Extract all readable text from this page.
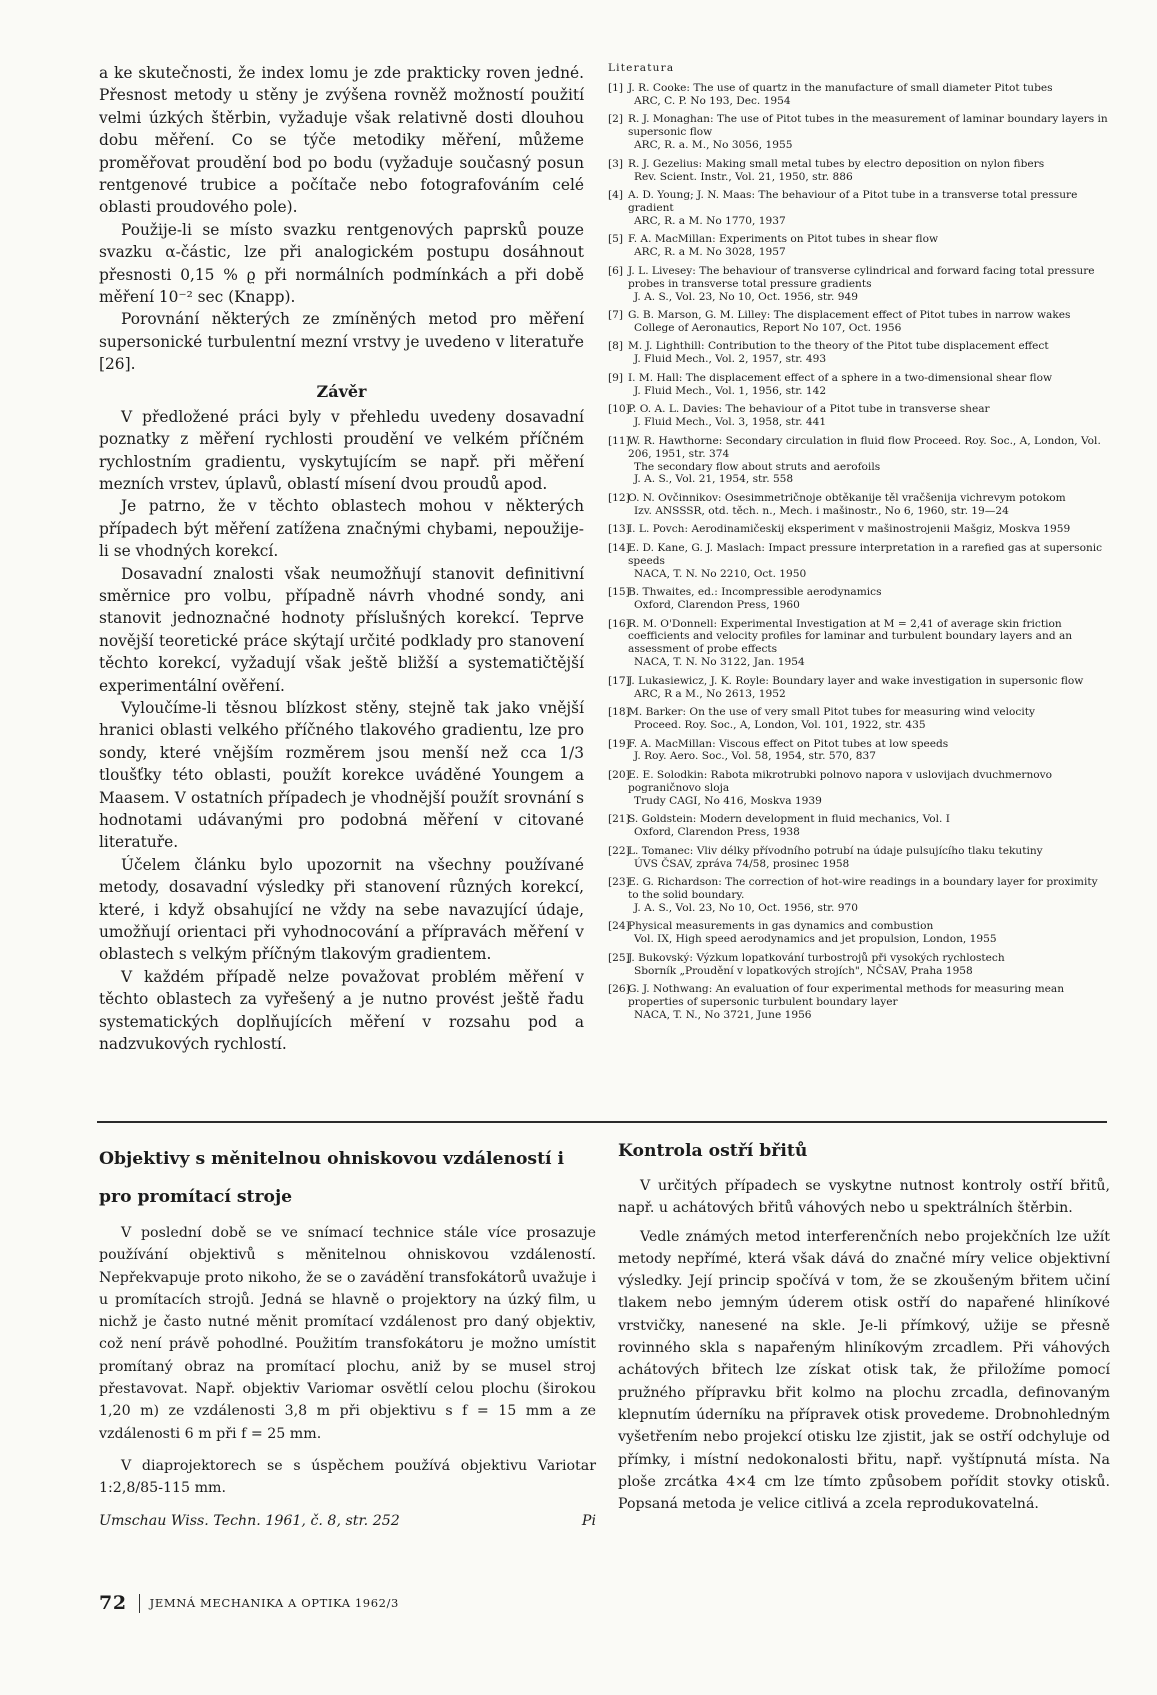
a ke skutečnosti, že index lomu je zde prakticky roven jedné. Přesnost metody u stěny je zvýšena rovněž možností použití velmi úzkých štěrbin, vyžaduje však relativně dosti dlouhou dobu měření. Co se týče metodiky měření, můžeme proměřovat proudění bod po bodu (vyžaduje současný posun rentgenové trubice a počítače nebo fotografováním celé oblasti proudového pole).

Použije-li se místo svazku rentgenových paprsků pouze svazku α-částic, lze při analogickém postupu dosáhnout přesnosti 0,15 % ϱ při normálních podmínkách a při době měření 10⁻² sec (Knapp).

Porovnání některých ze zmíněných metod pro měření supersonické turbulentní mezní vrstvy je uvedeno v literatuře [26].

Závěr

V předložené práci byly v přehledu uvedeny dosavadní poznatky z měření rychlosti proudění ve velkém příčném rychlostním gradientu, vyskytujícím se např. při měření mezních vrstev, úplavů, oblastí mísení dvou proudů apod.

Je patrno, že v těchto oblastech mohou v některých případech být měření zatížena značnými chybami, nepoužije-li se vhodných korekcí.

Dosavadní znalosti však neumožňují stanovit definitivní směrnice pro volbu, případně návrh vhodné sondy, ani stanovit jednoznačné hodnoty příslušných korekcí. Teprve novější teoretické práce skýtají určité podklady pro stanovení těchto korekcí, vyžadují však ještě bližší a systematičtější experimentální ověření.

Vyloučíme-li těsnou blízkost stěny, stejně tak jako vnější hranici oblasti velkého příčného tlakového gradientu, lze pro sondy, které vnějším rozměrem jsou menší než cca 1/3 tloušťky této oblasti, použít korekce uváděné Youngem a Maasem. V ostatních případech je vhodnější použít srovnání s hodnotami udávanými pro podobná měření v citované literatuře.

Účelem článku bylo upozornit na všechny používané metody, dosavadní výsledky při stanovení různých korekcí, které, i když obsahující ne vždy na sebe navazující údaje, umožňují orientaci při vyhodnocování a přípravách měření v oblastech s velkým příčným tlakovým gradientem.

V každém případě nelze považovat problém měření v těchto oblastech za vyřešený a je nutno provést ještě řadu systematických doplňujících měření v rozsahu pod a nadzvukových rychlostí.

Literatura
[1] J. R. Cooke: The use of quartz in the manufacture of small diameter Pitot tubes
ARC, C. P. No 193, Dec. 1954
[2] R. J. Monaghan: The use of Pitot tubes in the measurement of laminar boundary layers in supersonic flow
ARC, R. a. M., No 3056, 1955
[3] R. J. Gezelius: Making small metal tubes by electro deposition on nylon fibers
Rev. Scient. Instr., Vol. 21, 1950, str. 886
[4] A. D. Young; J. N. Maas: The behaviour of a Pitot tube in a transverse total pressure gradient
ARC, R. a M. No 1770, 1937
[5] F. A. MacMillan: Experiments on Pitot tubes in shear flow
ARC, R. a M. No 3028, 1957
[6] J. L. Livesey: The behaviour of transverse cylindrical and forward facing total pressure probes in transverse total pressure gradients
J. A. S., Vol. 23, No 10, Oct. 1956, str. 949
[7] G. B. Marson, G. M. Lilley: The displacement effect of Pitot tubes in narrow wakes
College of Aeronautics, Report No 107, Oct. 1956
[8] M. J. Lighthill: Contribution to the theory of the Pitot tube displacement effect
J. Fluid Mech., Vol. 2, 1957, str. 493
[9] I. M. Hall: The displacement effect of a sphere in a two-dimensional shear flow
J. Fluid Mech., Vol. 1, 1956, str. 142
[10]
P. O. A. L. Davies: The behaviour of a Pitot tube in transverse shear
J. Fluid Mech., Vol. 3, 1958, str. 441
[11]
W. R. Hawthorne: Secondary circulation in fluid flow Proceed. Roy. Soc., A, London, Vol. 206, 1951, str. 374
The secondary flow about struts and aerofoils
J. A. S., Vol. 21, 1954, str. 558
[12]
O. N. Ovčinnikov: Osesimmetričnoje obtěkanije těl vračšenija vichrevym potokom
Izv. ANSSSR, otd. těch. n., Mech. i mašinostr., No 6, 1960, str. 19—24
[13]
I. L. Povch: Aerodinamičeskij eksperiment v mašinostrojenii Mašgiz, Moskva 1959
[14]
E. D. Kane, G. J. Maslach: Impact pressure interpretation in a rarefied gas at supersonic speeds
NACA, T. N. No 2210, Oct. 1950
[15]
B. Thwaites, ed.: Incompressible aerodynamics
Oxford, Clarendon Press, 1960
[16]
R. M. O'Donnell: Experimental Investigation at M = 2,41 of average skin friction coefficients and velocity profiles for laminar and turbulent boundary layers and an assessment of probe effects
NACA, T. N. No 3122, Jan. 1954
[17]
J. Lukasiewicz, J. K. Royle: Boundary layer and wake investigation in supersonic flow
ARC, R a M., No 2613, 1952
[18]
M. Barker: On the use of very small Pitot tubes for measuring wind velocity
Proceed. Roy. Soc., A, London, Vol. 101, 1922, str. 435
[19]
F. A. MacMillan: Viscous effect on Pitot tubes at low speeds
J. Roy. Aero. Soc., Vol. 58, 1954, str. 570, 837
[20]
E. E. Solodkin: Rabota mikrotrubki polnovo napora v uslovijach dvuchmernovo pograničnovo sloja
Trudy CAGI, No 416, Moskva 1939
[21]
S. Goldstein: Modern development in fluid mechanics, Vol. I
Oxford, Clarendon Press, 1938
[22]
L. Tomanec: Vliv délky přívodního potrubí na údaje pulsujícího tlaku tekutiny
ÚVS ČSAV, zpráva 74/58, prosinec 1958
[23]
E. G. Richardson: The correction of hot-wire readings in a boundary layer for proximity to the solid boundary.
J. A. S., Vol. 23, No 10, Oct. 1956, str. 970
[24]
Physical measurements in gas dynamics and combustion
Vol. IX, High speed aerodynamics and jet propulsion, London, 1955
[25]
J. Bukovský: Výzkum lopatkování turbostrojů při vysokých rychlostech
Sborník „Proudění v lopatkových strojích", NČSAV, Praha 1958
[26]
G. J. Nothwang: An evaluation of four experimental methods for measuring mean properties of supersonic turbulent boundary layer
NACA, T. N., No 3721, June 1956
Objektivy s měnitelnou ohniskovou vzdáleností i pro promítací stroje

V poslední době se ve snímací technice stále více prosazuje používání objektivů s měnitelnou ohniskovou vzdáleností. Nepřekvapuje proto nikoho, že se o zavádění transfokátorů uvažuje i u promítacích strojů. Jedná se hlavně o projektory na úzký film, u nichž je často nutné měnit promítací vzdálenost pro daný objektiv, což není právě pohodlné. Použitím transfokátoru je možno umístit promítaný obraz na promítací plochu, aniž by se musel stroj přestavovat. Např. objektiv Variomar osvětlí celou plochu (širokou 1,20 m) ze vzdálenosti 3,8 m při objektivu s f = 15 mm a ze vzdálenosti 6 m při f = 25 mm.

V diaprojektorech se s úspěchem používá objektivu Variotar 1:2,8/85-115 mm.

Umschau Wiss. Techn. 1961, č. 8, str. 252	Pi
Kontrola ostří břitů

V určitých případech se vyskytne nutnost kontroly ostří břitů, např. u achátových břitů váhových nebo u spektrálních štěrbin.

Vedle známých metod interferenčních nebo projekčních lze užít metody nepřímé, která však dává do značné míry velice objektivní výsledky. Její princip spočívá v tom, že se zkoušeným břitem učiní tlakem nebo jemným úderem otisk ostří do napařené hliníkové vrstvičky, nanesené na skle. Je-li přímkový, užije se přesně rovinného skla s napařeným hliníkovým zrcadlem. Při váhových achátových břitech lze získat otisk tak, že přiložíme pomocí pružného přípravku břit kolmo na plochu zrcadla, definovaným klepnutím úderníku na přípravek otisk provedeme. Drobnohledným vyšetřením nebo projekcí otisku lze zjistit, jak se ostří odchyluje od přímky, i místní nedokonalosti břitu, např. vyštípnutá místa. Na ploše zrcátka 4×4 cm lze tímto způsobem pořídit stovky otisků. Popsaná metoda je velice citlivá a zcela reprodukovatelná.

72 JEMNÁ MECHANIKA A OPTIKA 1962/3
